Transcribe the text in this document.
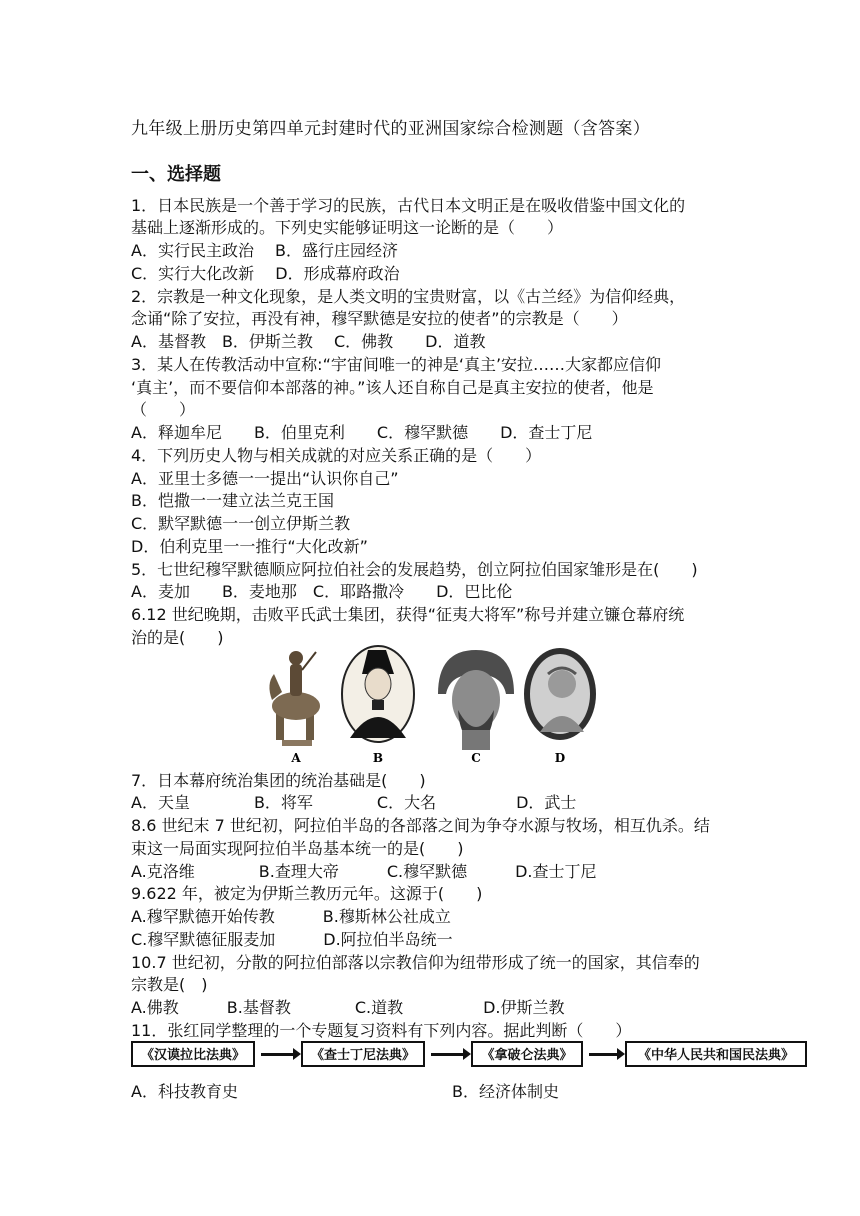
九年级上册历史第四单元封建时代的亚洲国家综合检测题（含答案）
一、选择题
1．日本民族是一个善于学习的民族，古代日本文明正是在吸收借鉴中国文化的
基础上逐渐形成的。下列史实能够证明这一论断的是（　　）
A．实行民主政治　 B．盛行庄园经济
C．实行大化改新　 D．形成幕府政治
2．宗教是一种文化现象，是人类文明的宝贵财富，以《古兰经》为信仰经典，
念诵“除了安拉，再没有神，穆罕默德是安拉的使者”的宗教是（　　）
A．基督教　B．伊斯兰教　 C．佛教　　D．道教
3．某人在传教活动中宣称:“宇宙间唯一的神是‘真主’安拉……大家都应信仰
‘真主’，而不要信仰本部落的神。”该人还自称自己是真主安拉的使者，他是
（　　）
A．释迦牟尼　　B．伯里克利　　C．穆罕默德　　D．查士丁尼
4．下列历史人物与相关成就的对应关系正确的是（　　）
A．亚里士多德一一提出“认识你自己”
B．恺撒一一建立法兰克王国
C．默罕默德一一创立伊斯兰教
D．伯利克里一一推行“大化改新”
5．七世纪穆罕默德顺应阿拉伯社会的发展趋势，创立阿拉伯国家雏形是在(　　)
A．麦加　　B．麦地那　C．耶路撒冷　　D．巴比伦
6.12 世纪晚期，击败平氏武士集团，获得“征夷大将军”称号并建立镰仓幕府统
治的是(　　)
A	B	C	D
7．日本幕府统治集团的统治基础是(　　)
A．天皇　　　　B．将军　　　　C．大名　　　　　D．武士
8.6 世纪末 7 世纪初，阿拉伯半岛的各部落之间为争夺水源与牧场，相互仇杀。结
束这一局面实现阿拉伯半岛基本统一的是(　　)
A.克洛维　　　　B.查理大帝　　　C.穆罕默德　　　D.查士丁尼
9.622 年，被定为伊斯兰教历元年。这源于(　　)
A.穆罕默德开始传教　　　B.穆斯林公社成立
C.穆罕默德征服麦加　　　D.阿拉伯半岛统一
10.7 世纪初，分散的阿拉伯部落以宗教信仰为纽带形成了统一的国家，其信奉的
宗教是(　)
A.佛教　　　B.基督教　　　　C.道教　　　　　D.伊斯兰教
11．张红同学整理的一个专题复习资料有下列内容。据此判断（　　）
《汉谟拉比法典》	《查士丁尼法典》	《拿破仑法典》	《中华人民共和国民法典》
A．科技教育史	B．经济体制史
